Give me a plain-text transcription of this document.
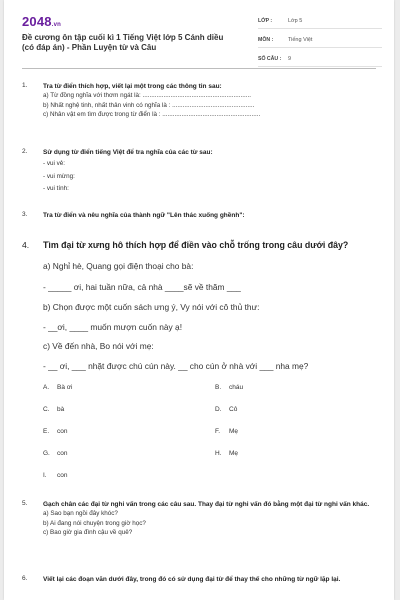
2048.vn
Đề cương ôn tập cuối kì 1 Tiếng Việt lớp 5 Cánh diều (có đáp án) - Phần Luyện từ và Câu
LỚP :	Lớp 5
MÔN :	Tiếng Việt
SỐ CÂU :	9
1. Tra từ điển thích hợp, viết lại một trong các thông tin sau:
a) Từ đồng nghĩa với thơm ngát là: ..............................................................
b) Nhất nghệ tinh, nhất thân vinh có nghĩa là : ...............................................
c) Nhân vật em tìm được trong từ điển là : ........................................................
2. Sử dụng từ điển tiếng Việt để tra nghĩa của các từ sau:
- vui vẻ:
- vui mừng:
- vui tính:
3. Tra từ điển và nêu nghĩa của thành ngữ "Lên thác xuống ghềnh":
4. Tìm đại từ xưng hô thích hợp để điền vào chỗ trống trong câu dưới đây?
a) Nghỉ hè, Quang gọi điện thoại cho bà:
- _____ ơi, hai tuần nữa, cả nhà ____sẽ về thăm ___
b) Chọn được một cuốn sách ưng ý, Vy nói với cô thủ thư:
- __ơi, ____ muốn mượn cuốn này ạ!
c) Về đến nhà, Bo nói với mẹ:
- __ ơi, ___ nhặt được chú cún này. __ cho cún ở nhà với ___ nha mẹ?
A. Bà ơi	B. cháu
C. bà	D. Cô
E. con	F. Mẹ
G. con	H. Mẹ
I. con
5. Gạch chân các đại từ nghi vấn trong các câu sau. Thay đại từ nghi vấn đó bằng một đại từ nghi vấn khác.
a) Sao bạn ngồi đây khóc?
b) Ai đang nói chuyện trong giờ học?
c) Bao giờ gia đình cậu về quê?
6. Viết lại các đoạn văn dưới đây, trong đó có sử dụng đại từ để thay thế cho những từ ngữ lặp lại.
